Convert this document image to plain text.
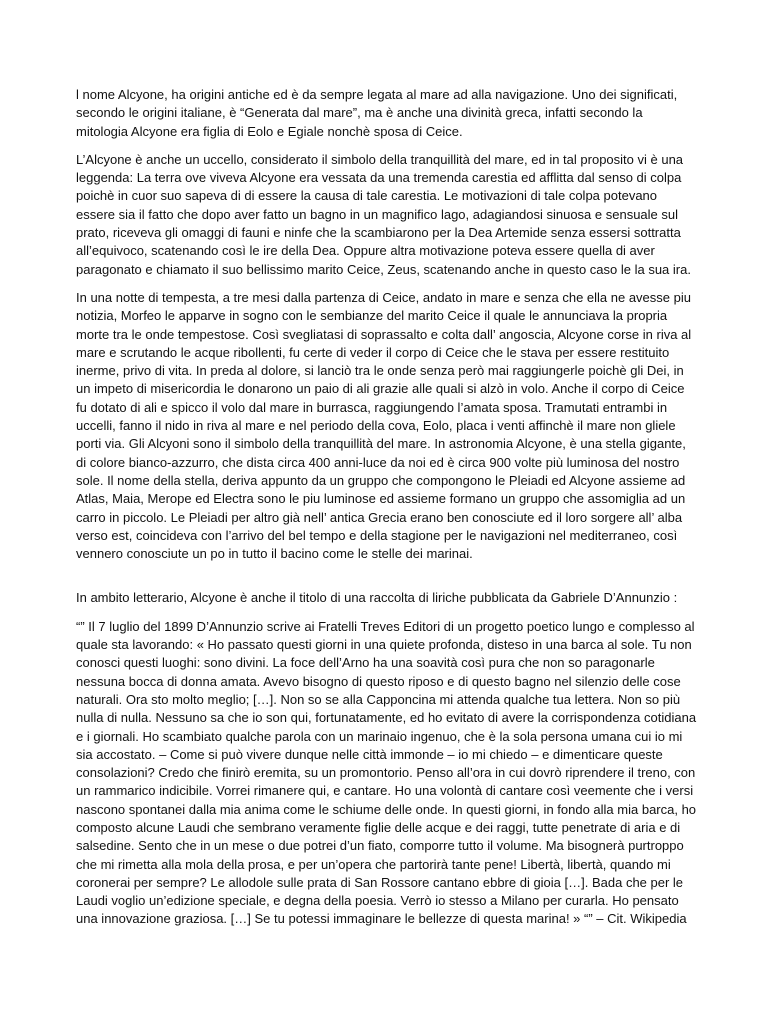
l nome Alcyone, ha origini antiche ed è da sempre legata al mare ad alla navigazione. Uno dei significati, secondo le origini italiane, è “Generata dal mare”, ma è anche una divinità greca, infatti secondo la mitologia Alcyone era figlia di Eolo e Egiale nonchè sposa di Ceice.

L’Alcyone è anche un uccello, considerato il simbolo della tranquillità del mare, ed in tal proposito vi è una leggenda: La terra ove viveva Alcyone era vessata da una tremenda carestia ed afflitta dal senso di colpa poichè in cuor suo sapeva di di essere la causa di tale carestia. Le motivazioni di tale colpa potevano essere sia il fatto che dopo aver fatto un bagno in un magnifico lago, adagiandosi sinuosa e sensuale sul prato, riceveva gli omaggi di fauni e ninfe che la scambiarono per la Dea Artemide senza essersi sottratta all’equivoco, scatenando così le ire della Dea. Oppure altra motivazione poteva essere quella di aver paragonato e chiamato il suo bellissimo marito Ceice, Zeus, scatenando anche in questo caso le la sua ira.

In una notte di tempesta, a tre mesi dalla partenza di Ceice, andato in mare e senza che ella ne avesse piu notizia, Morfeo le apparve in sogno con le sembianze del marito Ceice il quale le annunciava la propria morte tra le onde tempestose. Così svegliatasi di soprassalto e colta dall’ angoscia, Alcyone corse in riva al mare e scrutando le acque ribollenti, fu certe di veder il corpo di Ceice che le stava per essere restituito inerme, privo di vita. In preda al dolore, si lanciò tra le onde senza però mai raggiungerle poichè gli Dei, in un impeto di misericordia le donarono un paio di ali grazie alle quali si alzò in volo. Anche il corpo di Ceice fu dotato di ali e spicco il volo dal mare in burrasca, raggiungendo l’amata sposa. Tramutati entrambi in uccelli, fanno il nido in riva al mare e nel periodo della cova, Eolo, placa i venti affinchè il mare non gliele porti via. Gli Alcyoni sono il simbolo della tranquillità del mare. In astronomia Alcyone, è una stella gigante, di colore bianco-azzurro, che dista circa 400 anni-luce da noi ed è circa 900 volte più luminosa del nostro sole. Il nome della stella, deriva appunto da un gruppo che compongono le Pleiadi ed Alcyone assieme ad Atlas, Maia, Merope ed Electra sono le piu luminose ed assieme formano un gruppo che assomiglia ad un carro in piccolo. Le Pleiadi per altro già nell’ antica Grecia erano ben conosciute ed il loro sorgere all’ alba verso est, coincideva con l’arrivo del bel tempo e della stagione per le navigazioni nel mediterraneo, così vennero conosciute un po in tutto il bacino come le stelle dei marinai.

In ambito letterario, Alcyone è anche il titolo di una raccolta di liriche pubblicata da Gabriele D’Annunzio :

“” Il 7 luglio del 1899 D’Annunzio scrive ai Fratelli Treves Editori di un progetto poetico lungo e complesso al quale sta lavorando: « Ho passato questi giorni in una quiete profonda, disteso in una barca al sole. Tu non conosci questi luoghi: sono divini. La foce dell’Arno ha una soavità così pura che non so paragonarle nessuna bocca di donna amata. Avevo bisogno di questo riposo e di questo bagno nel silenzio delle cose naturali. Ora sto molto meglio; […]. Non so se alla Capponcina mi attenda qualche tua lettera. Non so più nulla di nulla. Nessuno sa che io son qui, fortunatamente, ed ho evitato di avere la corrispondenza cotidiana e i giornali. Ho scambiato qualche parola con un marinaio ingenuo, che è la sola persona umana cui io mi sia accostato. – Come si può vivere dunque nelle città immonde – io mi chiedo – e dimenticare queste consolazioni? Credo che finirò eremita, su un promontorio. Penso all’ora in cui dovrò riprendere il treno, con un rammarico indicibile. Vorrei rimanere qui, e cantare. Ho una volontà di cantare così veemente che i versi nascono spontanei dalla mia anima come le schiume delle onde. In questi giorni, in fondo alla mia barca, ho composto alcune Laudi che sembrano veramente figlie delle acque e dei raggi, tutte penetrate di aria e di salsedine. Sento che in un mese o due potrei d’un fiato, comporre tutto il volume. Ma bisognerà purtroppo che mi rimetta alla mola della prosa, e per un’opera che partorirà tante pene! Libertà, libertà, quando mi coronerai per sempre? Le allodole sulle prata di San Rossore cantano ebbre di gioia […]. Bada che per le Laudi voglio un’edizione speciale, e degna della poesia. Verrò io stesso a Milano per curarla. Ho pensato una innovazione graziosa. […] Se tu potessi immaginare le bellezze di questa marina! » “” – Cit. Wikipedia
